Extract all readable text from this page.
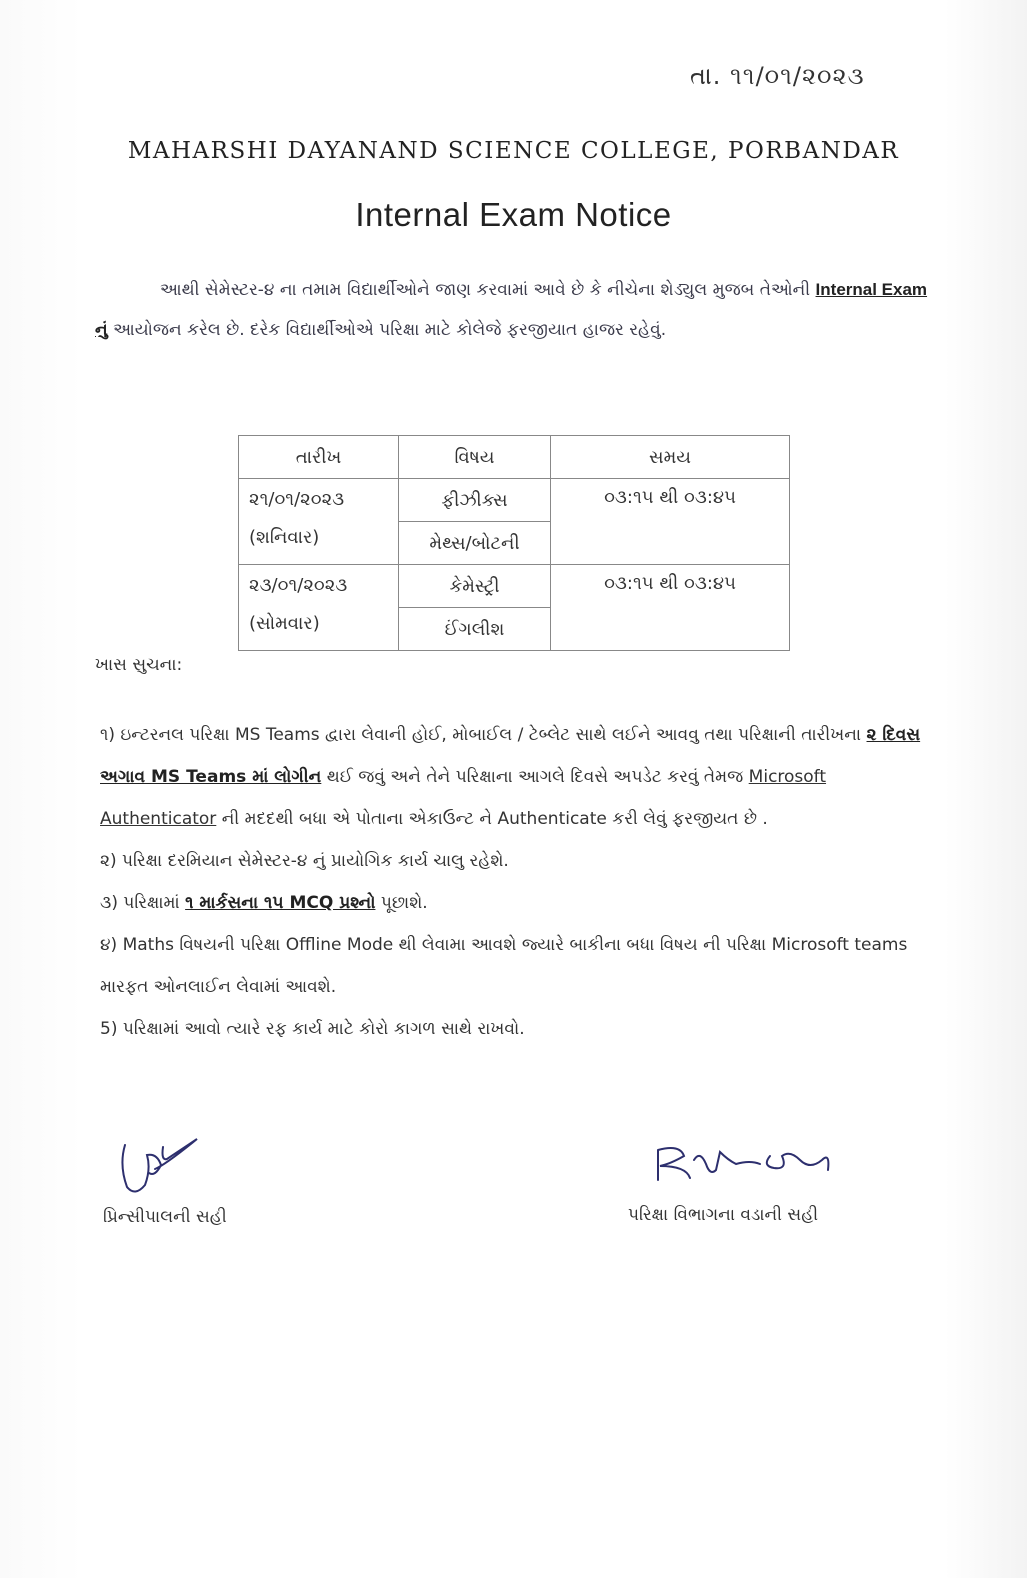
તા. ૧૧/૦૧/૨૦૨૩
MAHARSHI DAYANAND SCIENCE COLLEGE, PORBANDAR
Internal Exam Notice
આથી સેમેસ્ટર-૪ ના તમામ વિદ્યાર્થીઓને જાણ કરવામાં આવે છે કે નીચેના શેડ્યુલ મુજબ તેઓની Internal Exam નું આયોજન કરેલ છે. દરેક વિદ્યાર્થીઓએ પરિક્ષા માટે કોલેજે ફરજીયાત હાજર રહેવું.
તારીખ	વિષય	સમય

૨૧/૦૧/૨૦૨૩
(શનિવાર)	ફીઝીક્સ	૦૩:૧૫ થી ૦૩:૪૫
	મેથ્સ/બોટની	

૨૩/૦૧/૨૦૨૩
(સોમવાર)	કેમેસ્ટ્રી	૦૩:૧૫ થી ૦૩:૪૫
	ઈંગલીશ	
ખાસ સુચના:
૧) ઇન્ટરનલ પરિક્ષા MS Teams દ્વારા લેવાની હોઈ, મોબાઈલ / ટેબ્લેટ સાથે લઈને આવવુ તથા પરિક્ષાની તારીખના ૨ દિવસ અગાવ MS Teams માં લોગીન થઈ જવું અને તેને પરિક્ષાના આગલે દિવસે અપડેટ કરવું તેમજ Microsoft Authenticator ની મદદથી બધા એ પોતાના એકાઉન્ટ ને Authenticate કરી લેવું ફરજીયત છે .
૨) પરિક્ષા દરમિયાન સેમેસ્ટર-૪ નું પ્રાયોગિક કાર્ય ચાલુ રહેશે.
૩) પરિક્ષામાં ૧ માર્કસના ૧૫ MCQ પ્રશ્નો પૂછાશે.
૪) Maths વિષયની પરિક્ષા Offline Mode થી લેવામા આવશે જ્યારે બાકીના બધા વિષય ની પરિક્ષા Microsoft teams મારફત ઓનલાઈન લેવામાં આવશે.
5) પરિક્ષામાં આવો ત્યારે રફ કાર્ય માટે કોરો કાગળ સાથે રાખવો.
પ્રિન્સીપાલની સહી	પરિક્ષા વિભાગના વડાની સહી
